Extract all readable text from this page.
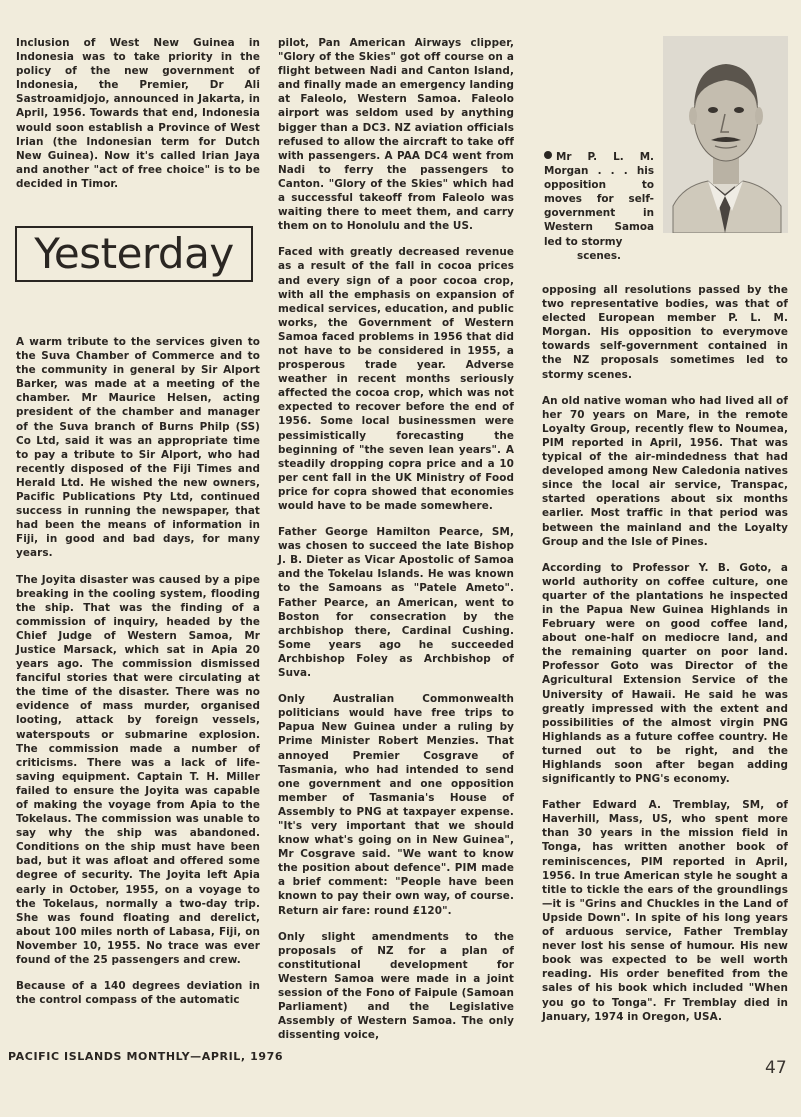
Inclusion of West New Guinea in Indonesia was to take priority in the policy of the new government of Indonesia, the Premier, Dr Ali Sastroamidjojo, announced in Jakarta, in April, 1956. Towards that end, Indonesia would soon establish a Province of West Irian (the Indonesian term for Dutch New Guinea). Now it's called Irian Jaya and another "act of free choice" is to be decided in Timor.

Yesterday

A warm tribute to the services given to the Suva Chamber of Commerce and to the community in general by Sir Alport Barker, was made at a meeting of the chamber. Mr Maurice Helsen, acting president of the chamber and manager of the Suva branch of Burns Philp (SS) Co Ltd, said it was an appropriate time to pay a tribute to Sir Alport, who had recently disposed of the Fiji Times and Herald Ltd. He wished the new owners, Pacific Publications Pty Ltd, continued success in running the newspaper, that had been the means of information in Fiji, in good and bad days, for many years.

The Joyita disaster was caused by a pipe breaking in the cooling system, flooding the ship. That was the finding of a commission of inquiry, headed by the Chief Judge of Western Samoa, Mr Justice Marsack, which sat in Apia 20 years ago. The commission dismissed fanciful stories that were circulating at the time of the disaster. There was no evidence of mass murder, organised looting, attack by foreign vessels, waterspouts or submarine explosion. The commission made a number of criticisms. There was a lack of life-saving equipment. Captain T. H. Miller failed to ensure the Joyita was capable of making the voyage from Apia to the Tokelaus. The commission was unable to say why the ship was abandoned. Conditions on the ship must have been bad, but it was afloat and offered some degree of security. The Joyita left Apia early in October, 1955, on a voyage to the Tokelaus, normally a two-day trip. She was found floating and derelict, about 100 miles north of Labasa, Fiji, on November 10, 1955. No trace was ever found of the 25 passengers and crew.

Because of a 140 degrees deviation in the control compass of the automatic

pilot, Pan American Airways clipper, "Glory of the Skies" got off course on a flight between Nadi and Canton Island, and finally made an emergency landing at Faleolo, Western Samoa. Faleolo airport was seldom used by anything bigger than a DC3. NZ aviation officials refused to allow the aircraft to take off with passengers. A PAA DC4 went from Nadi to ferry the passengers to Canton. "Glory of the Skies" which had a successful takeoff from Faleolo was waiting there to meet them, and carry them on to Honolulu and the US.

Faced with greatly decreased revenue as a result of the fall in cocoa prices and every sign of a poor cocoa crop, with all the emphasis on expansion of medical services, education, and public works, the Government of Western Samoa faced problems in 1956 that did not have to be considered in 1955, a prosperous trade year. Adverse weather in recent months seriously affected the cocoa crop, which was not expected to recover before the end of 1956. Some local businessmen were pessimistically forecasting the beginning of "the seven lean years". A steadily dropping copra price and a 10 per cent fall in the UK Ministry of Food price for copra showed that economies would have to be made somewhere.

Father George Hamilton Pearce, SM, was chosen to succeed the late Bishop J. B. Dieter as Vicar Apostolic of Samoa and the Tokelau Islands. He was known to the Samoans as "Patele Ameto". Father Pearce, an American, went to Boston for consecration by the archbishop there, Cardinal Cushing. Some years ago he succeeded Archbishop Foley as Archbishop of Suva.

Only Australian Commonwealth politicians would have free trips to Papua New Guinea under a ruling by Prime Minister Robert Menzies. That annoyed Premier Cosgrave of Tasmania, who had intended to send one government and one opposition member of Tasmania's House of Assembly to PNG at taxpayer expense. "It's very important that we should know what's going on in New Guinea", Mr Cosgrave said. "We want to know the position about defence". PIM made a brief comment: "People have been known to pay their own way, of course. Return air fare: round £120".

Only slight amendments to the proposals of NZ for a plan of constitutional development for Western Samoa were made in a joint session of the Fono of Faipule (Samoan Parliament) and the Legislative Assembly of Western Samoa. The only dissenting voice,

Mr P. L. M. Morgan . . . his opposition to moves for self-government in Western Samoa led to stormy
scenes.

opposing all resolutions passed by the two representative bodies, was that of elected European member P. L. M. Morgan. His opposition to everymove towards self-government contained in the NZ proposals sometimes led to stormy scenes.

An old native woman who had lived all of her 70 years on Mare, in the remote Loyalty Group, recently flew to Noumea, PIM reported in April, 1956. That was typical of the air-mindedness that had developed among New Caledonia natives since the local air service, Transpac, started operations about six months earlier. Most traffic in that period was between the mainland and the Loyalty Group and the Isle of Pines.

According to Professor Y. B. Goto, a world authority on coffee culture, one quarter of the plantations he inspected in the Papua New Guinea Highlands in February were on good coffee land, about one-half on mediocre land, and the remaining quarter on poor land. Professor Goto was Director of the Agricultural Extension Service of the University of Hawaii. He said he was greatly impressed with the extent and possibilities of the almost virgin PNG Highlands as a future coffee country. He turned out to be right, and the Highlands soon after began adding significantly to PNG's economy.

Father Edward A. Tremblay, SM, of Haverhill, Mass, US, who spent more than 30 years in the mission field in Tonga, has written another book of reminiscences, PIM reported in April, 1956. In true American style he sought a title to tickle the ears of the groundlings—it is "Grins and Chuckles in the Land of Upside Down". In spite of his long years of arduous service, Father Tremblay never lost his sense of humour. His new book was expected to be well worth reading. His order benefited from the sales of his book which included "When you go to Tonga". Fr Tremblay died in January, 1974 in Oregon, USA.

PACIFIC ISLANDS MONTHLY—APRIL, 1976
47
